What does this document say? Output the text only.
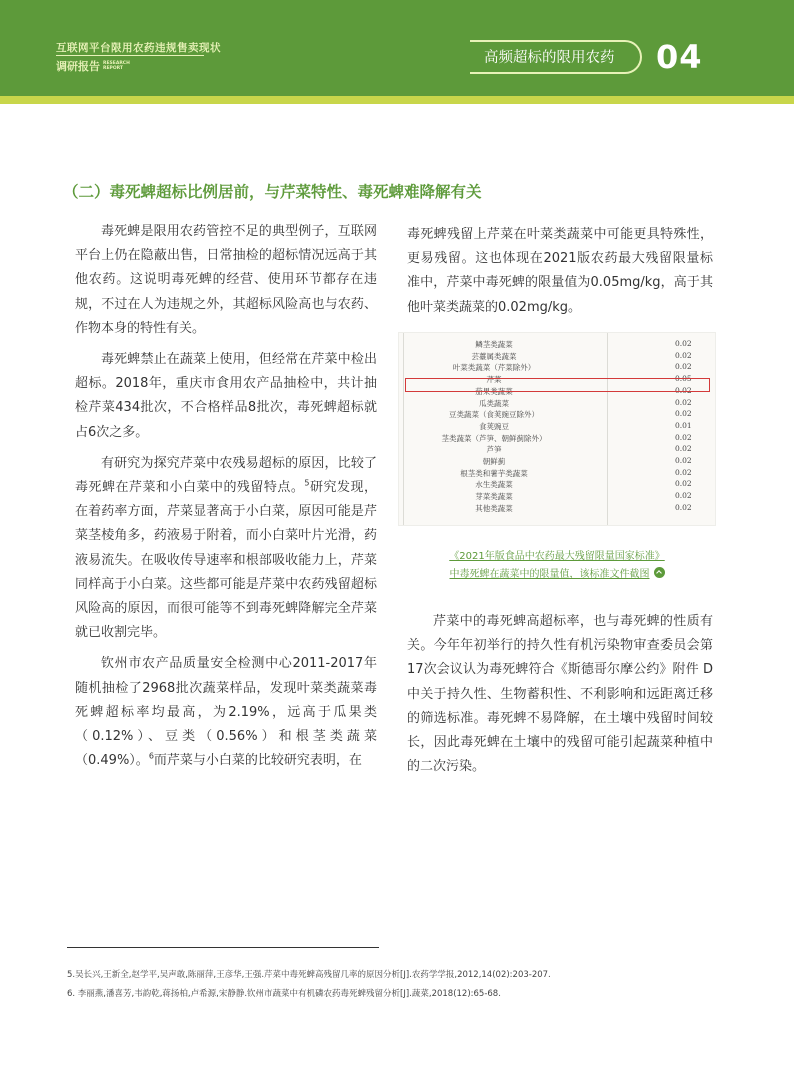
互联网平台限用农药违规售卖现状
调研报告 RESEARCH
REPORT
高频超标的限用农药 04
（二）毒死蜱超标比例居前，与芹菜特性、毒死蜱难降解有关

毒死蜱是限用农药管控不足的典型例子，互联网平台上仍在隐蔽出售，日常抽检的超标情况远高于其他农药。这说明毒死蜱的经营、使用环节都存在违规，不过在人为违规之外，其超标风险高也与农药、作物本身的特性有关。

毒死蜱禁止在蔬菜上使用，但经常在芹菜中检出超标。2018年，重庆市食用农产品抽检中，共计抽检芹菜434批次，不合格样品8批次，毒死蜱超标就占6次之多。

有研究为探究芹菜中农残易超标的原因，比较了毒死蜱在芹菜和小白菜中的残留特点。$^5$研究发现，在着药率方面，芹菜显著高于小白菜，原因可能是芹菜茎棱角多，药液易于附着，而小白菜叶片光滑，药液易流失。在吸收传导速率和根部吸收能力上，芹菜同样高于小白菜。这些都可能是芹菜中农药残留超标风险高的原因，而很可能等不到毒死蜱降解完全芹菜就已收割完毕。

钦州市农产品质量安全检测中心2011-2017年随机抽检了2968批次蔬菜样品，发现叶菜类蔬菜毒死蜱超标率均最高，为2.19%，远高于瓜果类（0.12%）、豆类（0.56%）和根茎类蔬菜（0.49%）。$^6$而芹菜与小白菜的比较研究表明，在

毒死蜱残留上芹菜在叶菜类蔬菜中可能更具特殊性，更易残留。这也体现在2021版农药最大残留限量标准中，芹菜中毒死蜱的限量值为0.05mg/kg，高于其他叶菜类蔬菜的0.02mg/kg。

鳞茎类蔬菜	0.02
芸薹属类蔬菜	0.02
叶菜类蔬菜（芹菜除外）	0.02
芹菜	0.05
茄果类蔬菜	0.02
瓜类蔬菜	0.02
豆类蔬菜（食荚豌豆除外）	0.02
食荚豌豆	0.01
茎类蔬菜（芦笋、朝鲜蓟除外）	0.02
芦笋	0.02
朝鲜蓟	0.02
根茎类和薯芋类蔬菜	0.02
水生类蔬菜	0.02
芽菜类蔬菜	0.02
其他类蔬菜	0.02
《2021年版食品中农药最大残留限量国家标准》
中毒死蜱在蔬菜中的限量值，该标准文件截图

芹菜中的毒死蜱高超标率，也与毒死蜱的性质有关。今年年初举行的持久性有机污染物审查委员会第17次会议认为毒死蜱符合《斯德哥尔摩公约》附件 D 中关于持久性、生物蓄积性、不利影响和远距离迁移的筛选标准。毒死蜱不易降解，在土壤中残留时间较长，因此毒死蜱在土壤中的残留可能引起蔬菜种植中的二次污染。

5.吴长兴,王新全,赵学平,吴声敢,陈丽萍,王彦华,王强.芹菜中毒死蜱高残留几率的原因分析[J].农药学学报,2012,14(02):203-207.
6. 李丽燕,潘喜芳,韦韵乾,蒋扬柏,卢希源,宋静静.钦州市蔬菜中有机磷农药毒死蜱残留分析[J].蔬菜,2018(12):65-68.
